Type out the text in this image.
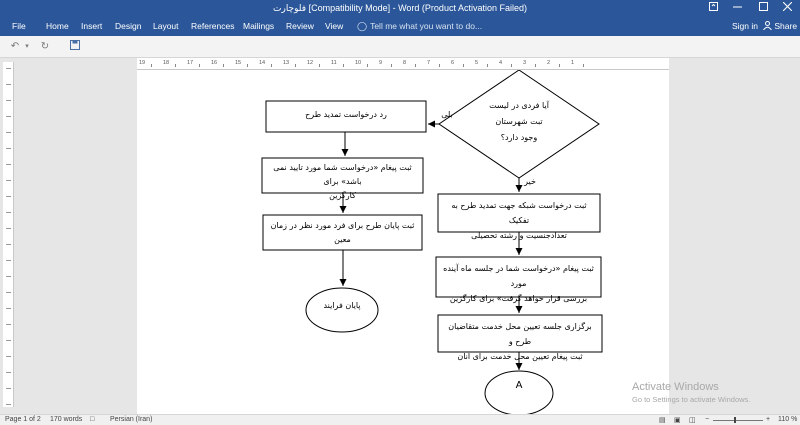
فلوچارت [Compatibility Mode] - Word (Product Activation Failed)
File Home Insert Design Layout References Mailings Review View ◯ Tell me what you want to do...	Sign in	Share
↶ ▾	↻
19	18	17	16	15	14	13	12	11	10	9	8	7	6	5	4	3	2	1
آیا فردی در لیست
تبت شهرستان
وجود دارد؟
بلی
خیر
رد درخواست تمدید طرح
ثبت پیغام «درخواست شما مورد تایید نمی باشد» برای
کارگزین
ثبت پایان طرح برای فرد مورد نظر در زمان معین
پایان فرایند
ثبت درخواست شبکه جهت تمدید طرح به تفکیک
تعدادجنسیت و رشته تحصیلی
ثبت پیغام «درخواست شما در جلسه ماه آینده مورد
بررسی قرار خواهد گرفت» برای کارگزین
برگزاری جلسه تعیین محل خدمت متقاضیان طرح و
ثبت پیغام تعیین محل خدمت برای آنان
A	Activate Windows
Go to Settings to activate Windows.
Page 1 of 2 170 words □ Persian (Iran)	▤ ▣ ◫ −	+ 110 %
